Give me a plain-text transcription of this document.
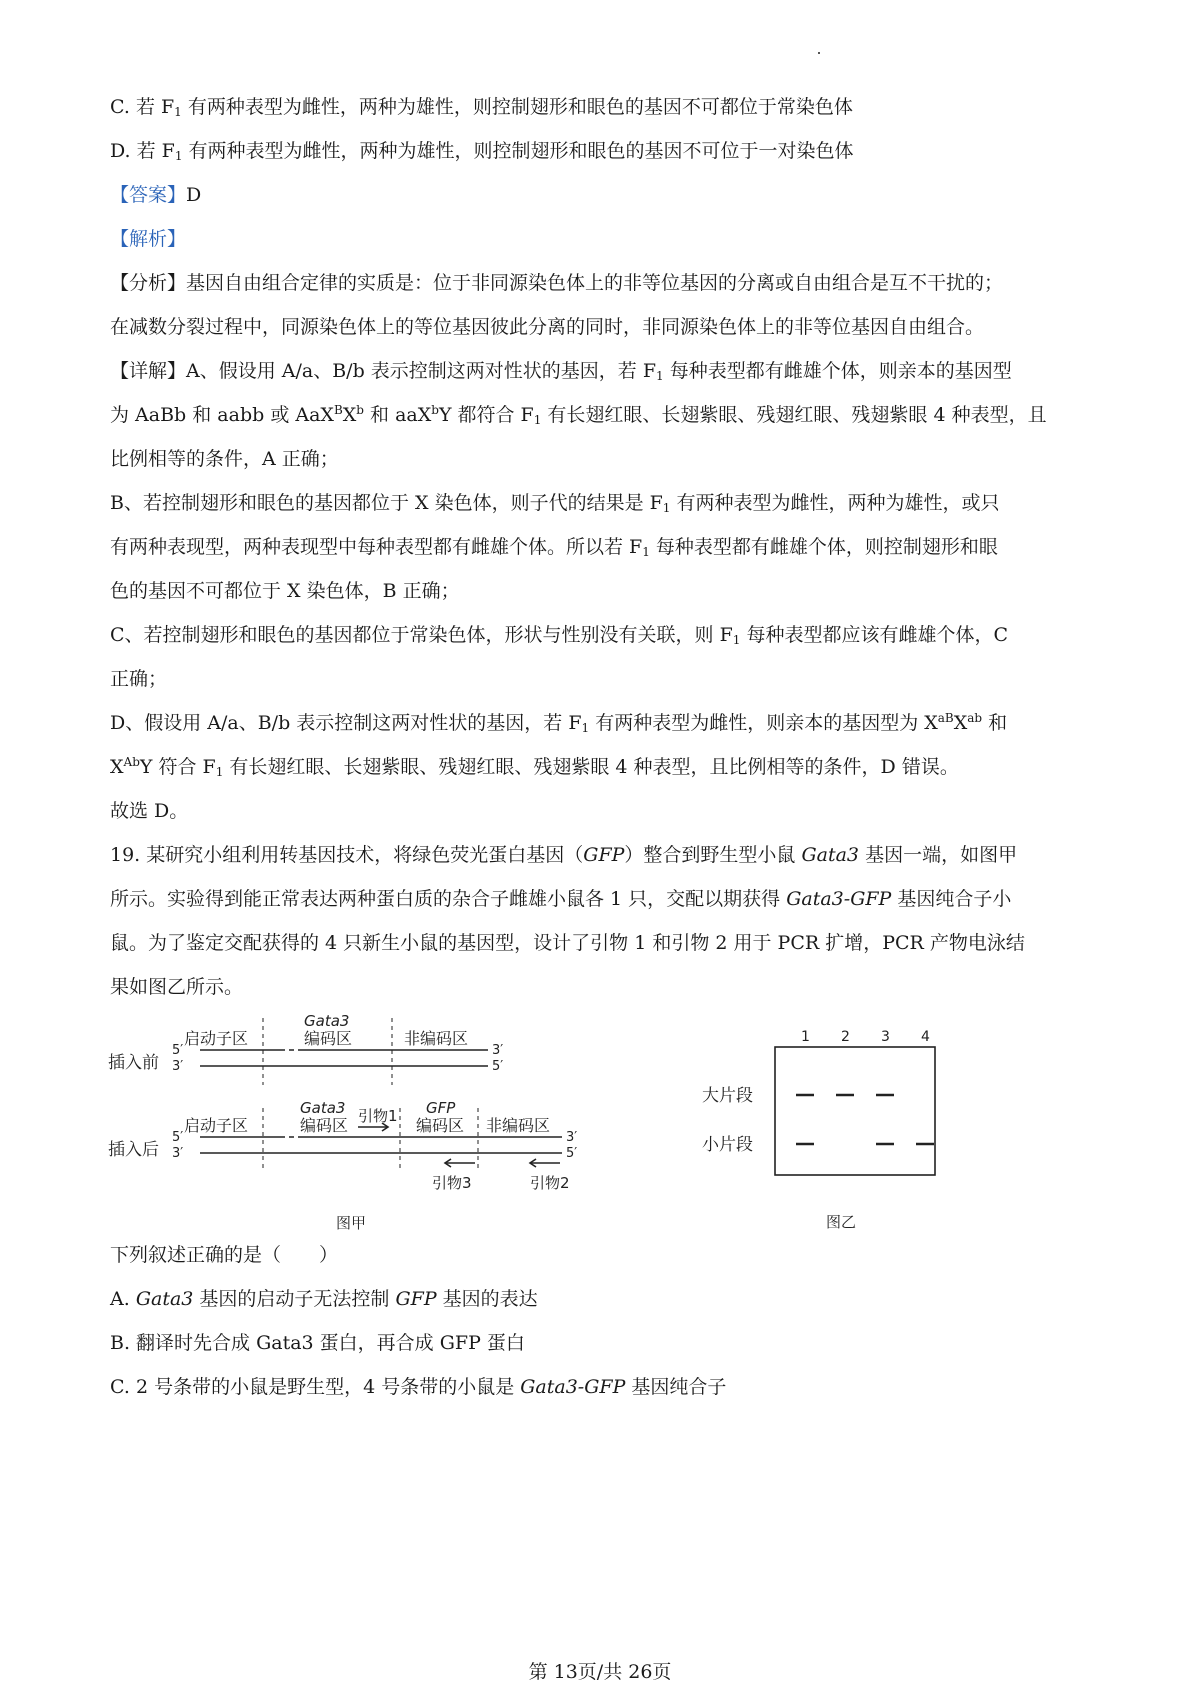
C. 若 $F_1$ 有两种表型为雌性，两种为雄性，则控制翅形和眼色的基因不可都位于常染色体
D. 若 $F_1$ 有两种表型为雌性，两种为雄性，则控制翅形和眼色的基因不可位于一对染色体
【答案】D
【解析】
【分析】基因自由组合定律的实质是：位于非同源染色体上的非等位基因的分离或自由组合是互不干扰的；
在减数分裂过程中，同源染色体上的等位基因彼此分离的同时，非同源染色体上的非等位基因自由组合。
【详解】A、假设用 A/a、B/b 表示控制这两对性状的基因，若 $F_1$ 每种表型都有雌雄个体，则亲本的基因型
为 AaBb 和 aabb 或 $AaX^BX^b$ 和 aaX$^b$Y 都符合 $F_1$ 有长翅红眼、长翅紫眼、残翅红眼、残翅紫眼 4 种表型，且
比例相等的条件，A 正确；
B、若控制翅形和眼色的基因都位于 X 染色体，则子代的结果是 $F_1$ 有两种表型为雌性，两种为雄性，或只
有两种表现型，两种表现型中每种表型都有雌雄个体。所以若 $F_1$ 每种表型都有雌雄个体，则控制翅形和眼
色的基因不可都位于 X 染色体，B 正确；
C、若控制翅形和眼色的基因都位于常染色体，形状与性别没有关联，则 $F_1$ 每种表型都应该有雌雄个体，C
正确；
D、假设用 A/a、B/b 表示控制这两对性状的基因，若 $F_1$ 有两种表型为雌性，则亲本的基因型为 $X^{aB}X^{ab}$ 和
$X^{Ab}Y$ 符合 $F_1$ 有长翅红眼、长翅紫眼、残翅红眼、残翅紫眼 4 种表型，且比例相等的条件，D 错误。
故选 D。
19. 某研究小组利用转基因技术，将绿色荧光蛋白基因（GFP）整合到野生型小鼠 Gata3 基因一端，如图甲
所示。实验得到能正常表达两种蛋白质的杂合子雌雄小鼠各 1 只，交配以期获得 Gata3-GFP 基因纯合子小
鼠。为了鉴定交配获得的 4 只新生小鼠的基因型，设计了引物 1 和引物 2 用于 PCR 扩增，PCR 产物电泳结
果如图乙所示。
插入前
插入后
5′
3′
3′
5′
5′
3′
3′
5′
启动子区
Gata3
编码区	非编码区
启动子区
Gata3
编码区 引物1 GFP
编码区 非编码区
引物3	引物2
图甲
1 2 3 4
大片段
小片段
图乙
下列叙述正确的是（　　）
A. Gata3 基因的启动子无法控制 GFP 基因的表达
B. 翻译时先合成 Gata3 蛋白，再合成 GFP 蛋白
C. 2 号条带的小鼠是野生型，4 号条带的小鼠是 Gata3-GFP 基因纯合子
第 13页/共 26页
